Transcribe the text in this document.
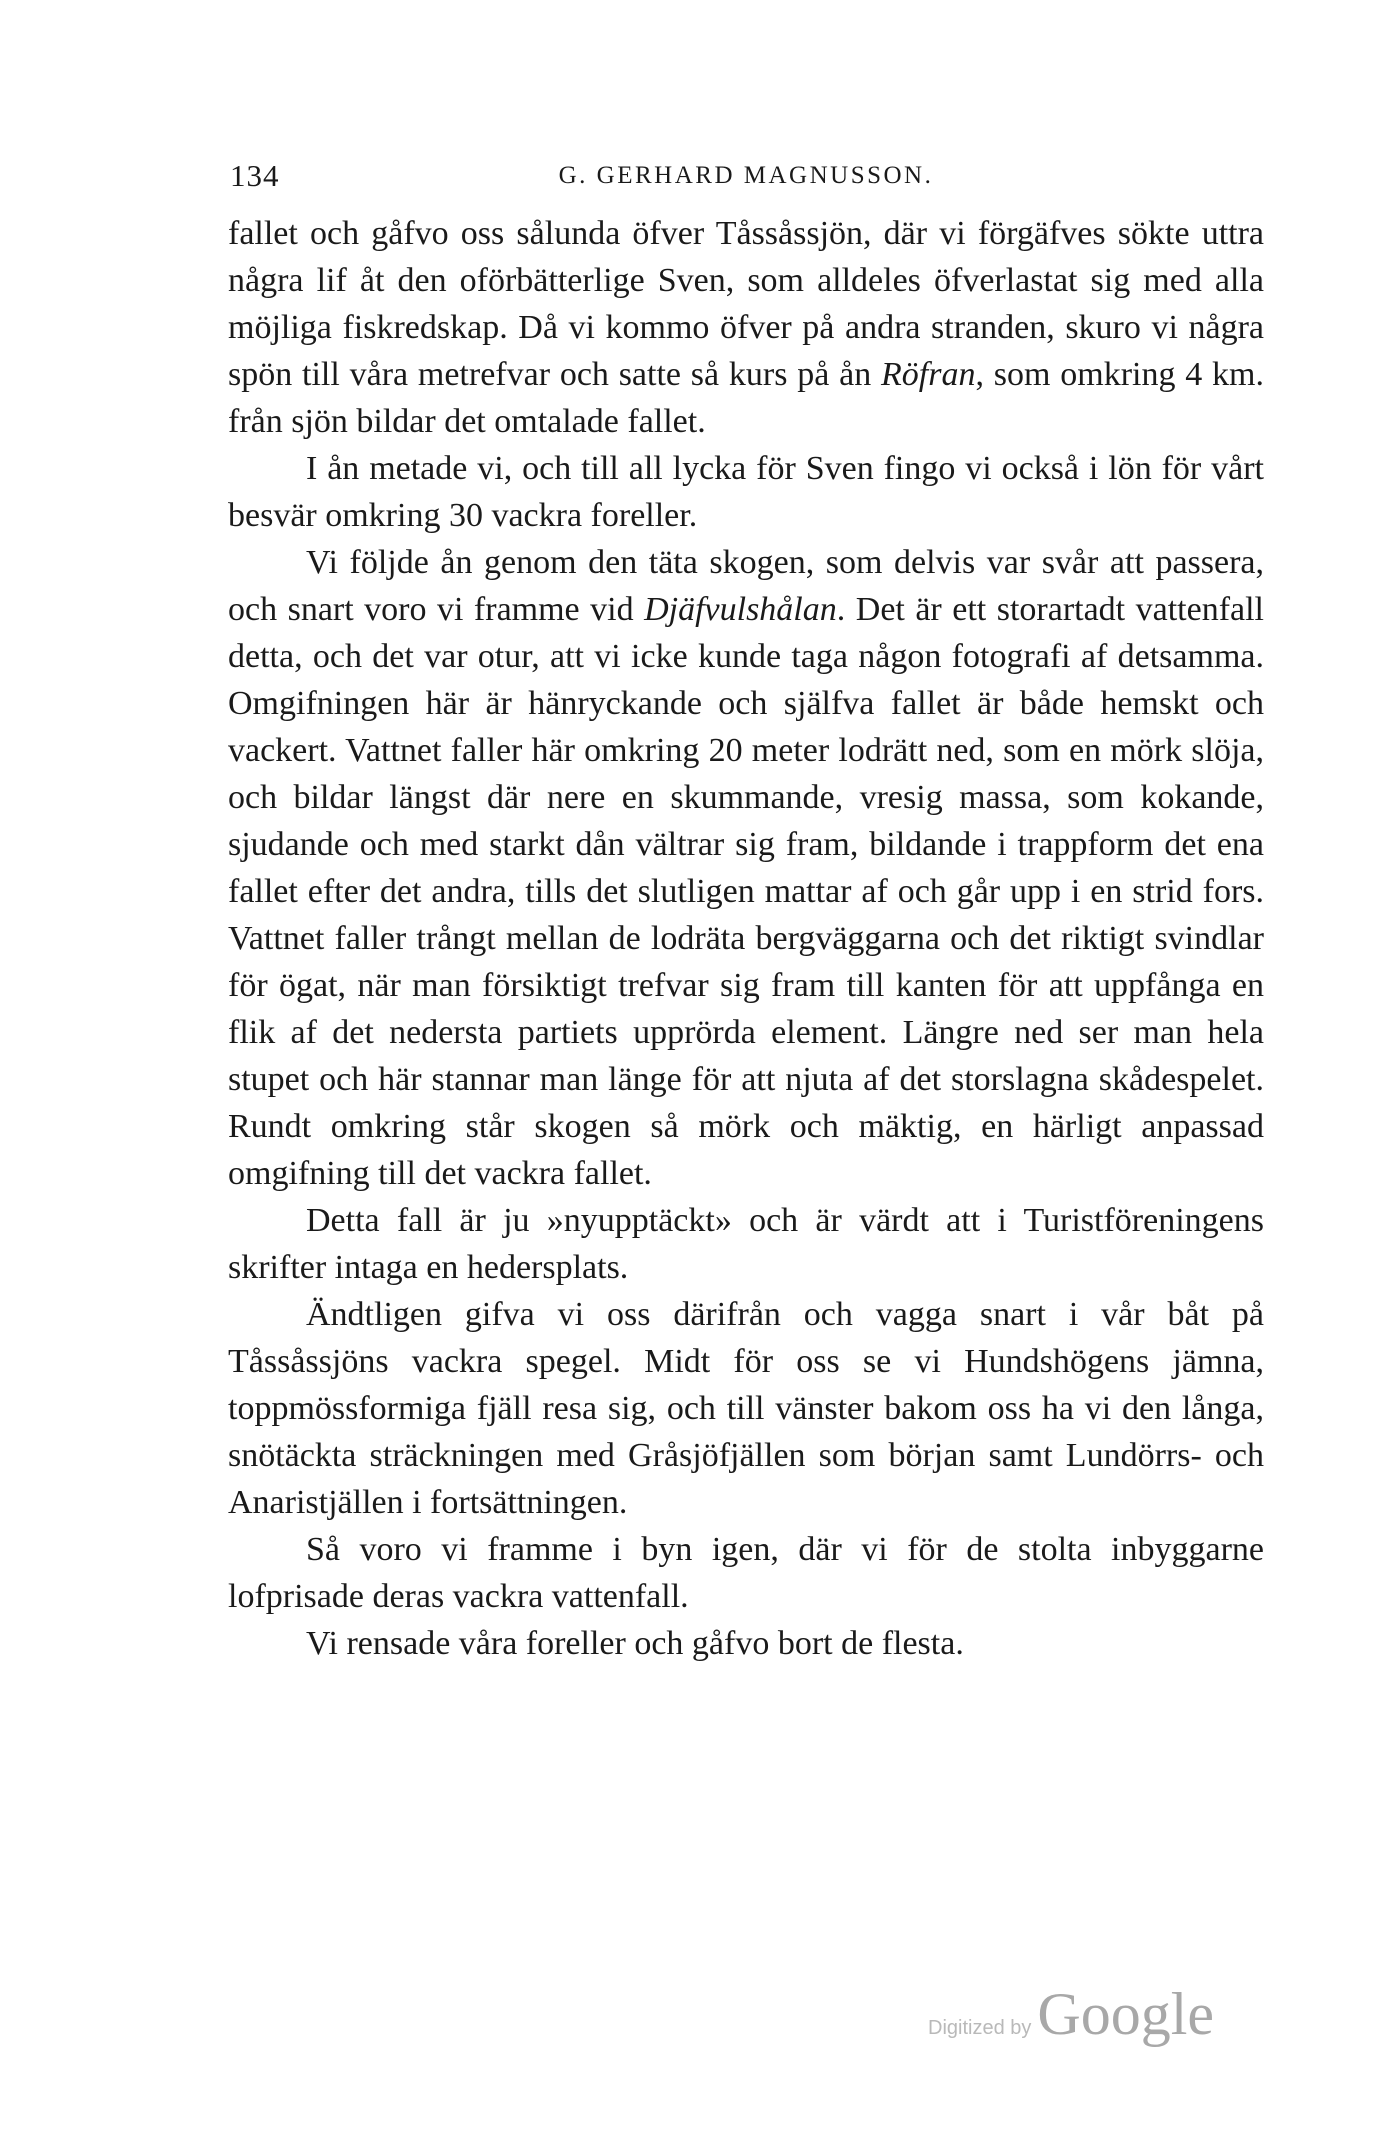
134	G. GERHARD MAGNUSSON.

fallet och gåfvo oss sålunda öfver Tåssåssjön, där vi förgäfves sökte uttra några lif åt den oförbätterlige Sven, som alldeles öfverlastat sig med alla möjliga fiskredskap. Då vi kommo öfver på andra stranden, skuro vi några spön till våra metrefvar och satte så kurs på ån Röfran, som omkring 4 km. från sjön bildar det omtalade fallet.

I ån metade vi, och till all lycka för Sven fingo vi också i lön för vårt besvär omkring 30 vackra foreller.

Vi följde ån genom den täta skogen, som delvis var svår att passera, och snart voro vi framme vid Djäfvulshålan. Det är ett storartadt vattenfall detta, och det var otur, att vi icke kunde taga någon fotografi af detsamma. Omgifningen här är hänryckande och själfva fallet är både hemskt och vackert. Vattnet faller här omkring 20 meter lodrätt ned, som en mörk slöja, och bildar längst där nere en skummande, vresig massa, som kokande, sjudande och med starkt dån vältrar sig fram, bildande i trappform det ena fallet efter det andra, tills det slutligen mattar af och går upp i en strid fors. Vattnet faller trångt mellan de lodräta bergväggarna och det riktigt svindlar för ögat, när man försiktigt trefvar sig fram till kanten för att uppfånga en flik af det nedersta partiets upprörda element. Längre ned ser man hela stupet och här stannar man länge för att njuta af det storslagna skådespelet. Rundt omkring står skogen så mörk och mäktig, en härligt anpassad omgifning till det vackra fallet.

Detta fall är ju »nyupptäckt» och är värdt att i Turistföreningens skrifter intaga en hedersplats.

Ändtligen gifva vi oss därifrån och vagga snart i vår båt på Tåssåssjöns vackra spegel. Midt för oss se vi Hundshögens jämna, toppmössformiga fjäll resa sig, och till vänster bakom oss ha vi den långa, snötäckta sträckningen med Gråsjöfjällen som början samt Lundörrs- och Anaristjällen i fortsättningen.

Så voro vi framme i byn igen, där vi för de stolta inbyggarne lofprisade deras vackra vattenfall.

Vi rensade våra foreller och gåfvo bort de flesta.

Digitized by Google
